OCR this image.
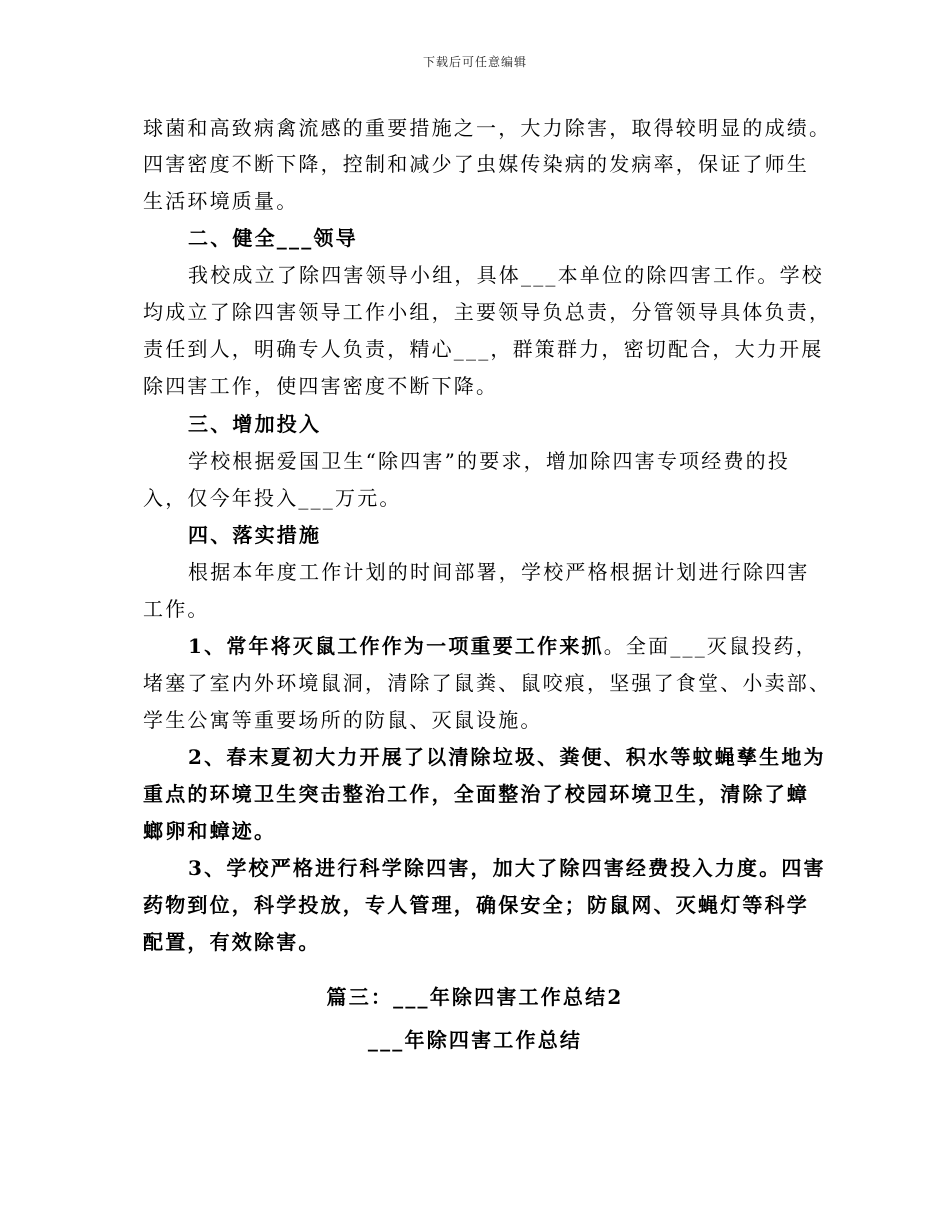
下载后可任意编辑
球菌和高致病禽流感的重要措施之一，大力除害，取得较明显的成绩。
四害密度不断下降，控制和减少了虫媒传染病的发病率，保证了师生
生活环境质量。
二、健全___领导
我校成立了除四害领导小组，具体___本单位的除四害工作。学校
均成立了除四害领导工作小组，主要领导负总责，分管领导具体负责，
责任到人，明确专人负责，精心___，群策群力，密切配合，大力开展
除四害工作，使四害密度不断下降。
三、增加投入
学校根据爱国卫生“除四害”的要求，增加除四害专项经费的投
入，仅今年投入___万元。
四、落实措施
根据本年度工作计划的时间部署，学校严格根据计划进行除四害
工作。
1、常年将灭鼠工作作为一项重要工作来抓。全面___灭鼠投药，
堵塞了室内外环境鼠洞，清除了鼠粪、鼠咬痕，坚强了食堂、小卖部、
学生公寓等重要场所的防鼠、灭鼠设施。
2、春末夏初大力开展了以清除垃圾、粪便、积水等蚊蝇孳生地为
重点的环境卫生突击整治工作，全面整治了校园环境卫生，清除了蟑
螂卵和蟑迹。
3、学校严格进行科学除四害，加大了除四害经费投入力度。四害
药物到位，科学投放，专人管理，确保安全；防鼠网、灭蝇灯等科学
配置，有效除害。
篇三：___年除四害工作总结2
___年除四害工作总结
